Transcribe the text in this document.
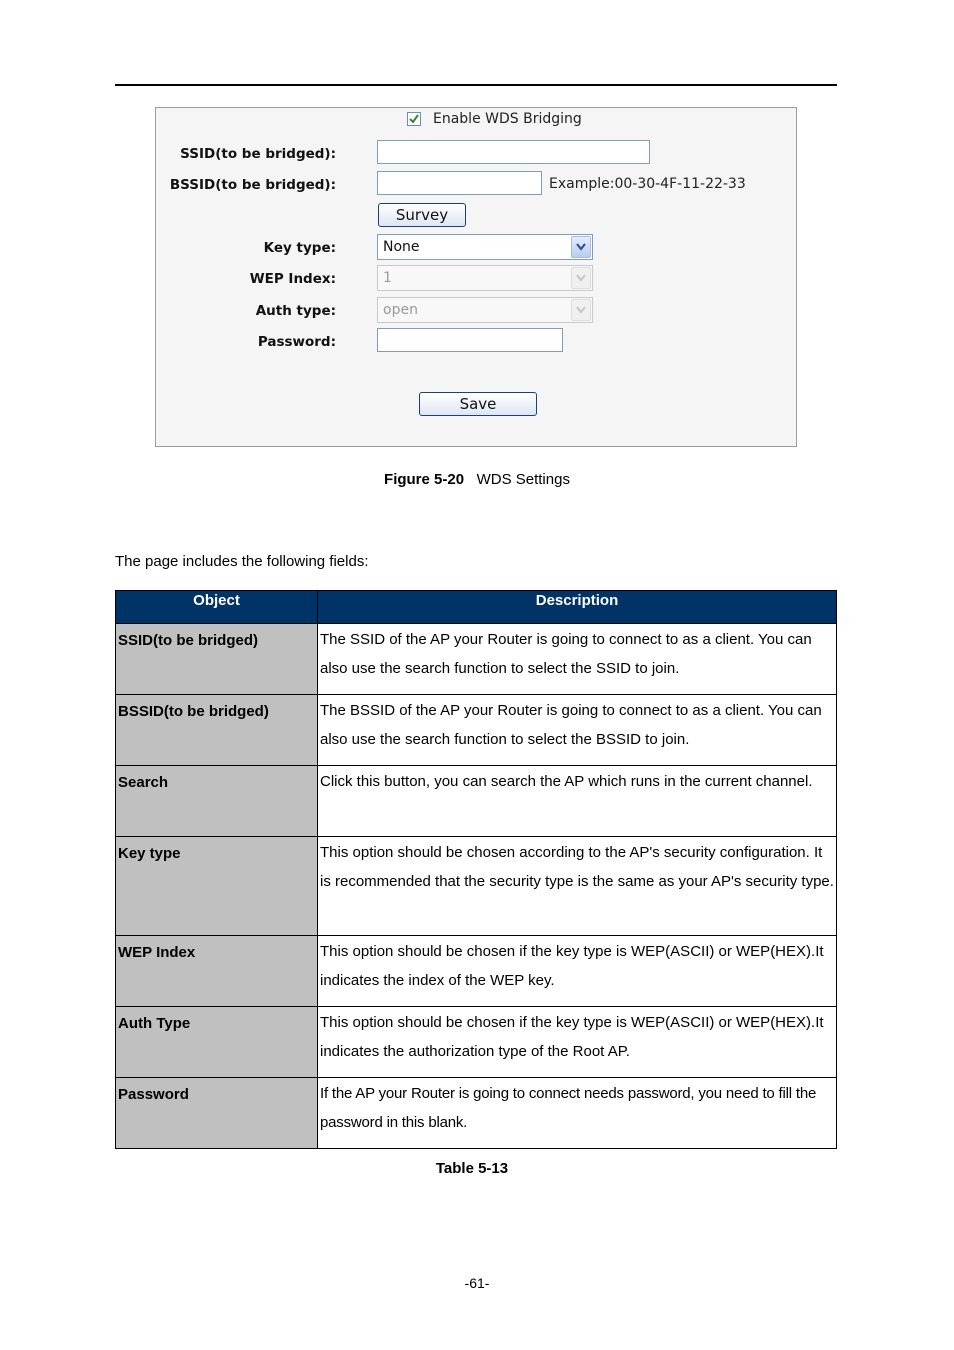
Enable WDS Bridging
SSID(to be bridged):
BSSID(to be bridged):	Example:00-30-4F-11-22-33
Survey
Key type:	None
WEP Index:	1
Auth type:	open
Password:
Save
Figure 5-20 WDS Settings
The page includes the following fields:
Object	Description
SSID(to be bridged)	The SSID of the AP your Router is going to connect to as a client. You can also use the search function to select the SSID to join.
BSSID(to be bridged)	The BSSID of the AP your Router is going to connect to as a client. You can also use the search function to select the BSSID to join.
Search	Click this button, you can search the AP which runs in the current channel.
Key type	This option should be chosen according to the AP's security configuration. It is recommended that the security type is the same as your AP's security type.
WEP Index	This option should be chosen if the key type is WEP(ASCII) or WEP(HEX).It indicates the index of the WEP key.
Auth Type	This option should be chosen if the key type is WEP(ASCII) or WEP(HEX).It indicates the authorization type of the Root AP.
Password	If the AP your Router is going to connect needs password, you need to fill the password in this blank.
Table 5-13
-61-
